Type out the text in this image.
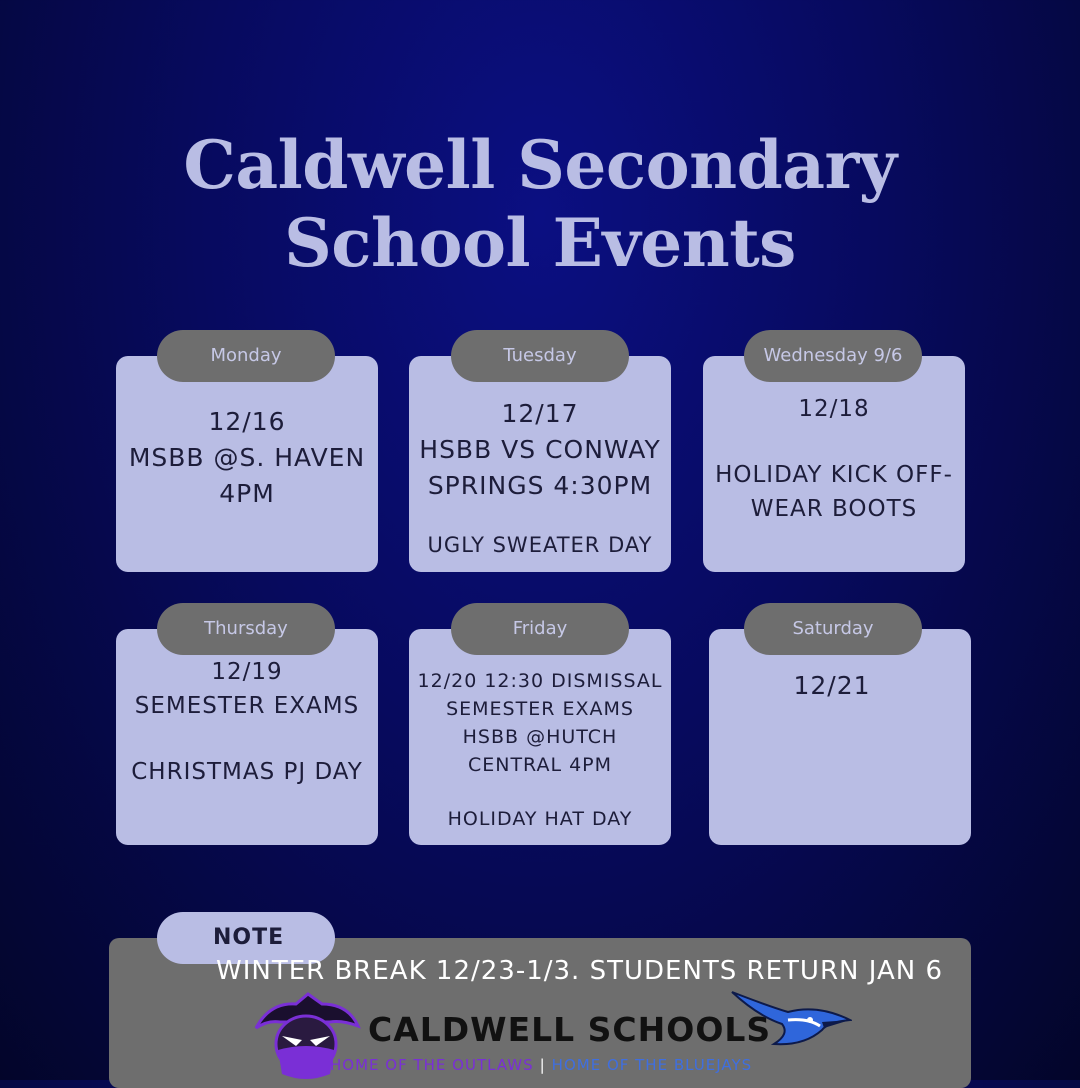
Caldwell Secondary
School Events
12/16
MSBB @S. HAVEN
4PM
Monday
12/17
HSBB VS CONWAY
SPRINGS 4:30PM
UGLY SWEATER DAY
Tuesday
12/18
HOLIDAY KICK OFF-
WEAR BOOTS
Wednesday 9/6
12/19
SEMESTER EXAMS
CHRISTMAS PJ DAY
Thursday
12/20 12:30 DISMISSAL
SEMESTER EXAMS
HSBB @HUTCH
CENTRAL 4PM
HOLIDAY HAT DAY
Friday
12/21
Saturday
NOTE
WINTER BREAK 12/23-1/3. STUDENTS RETURN JAN 6
CALDWELL SCHOOLS
HOME OF THE OUTLAWS | HOME OF THE BLUEJAYS
